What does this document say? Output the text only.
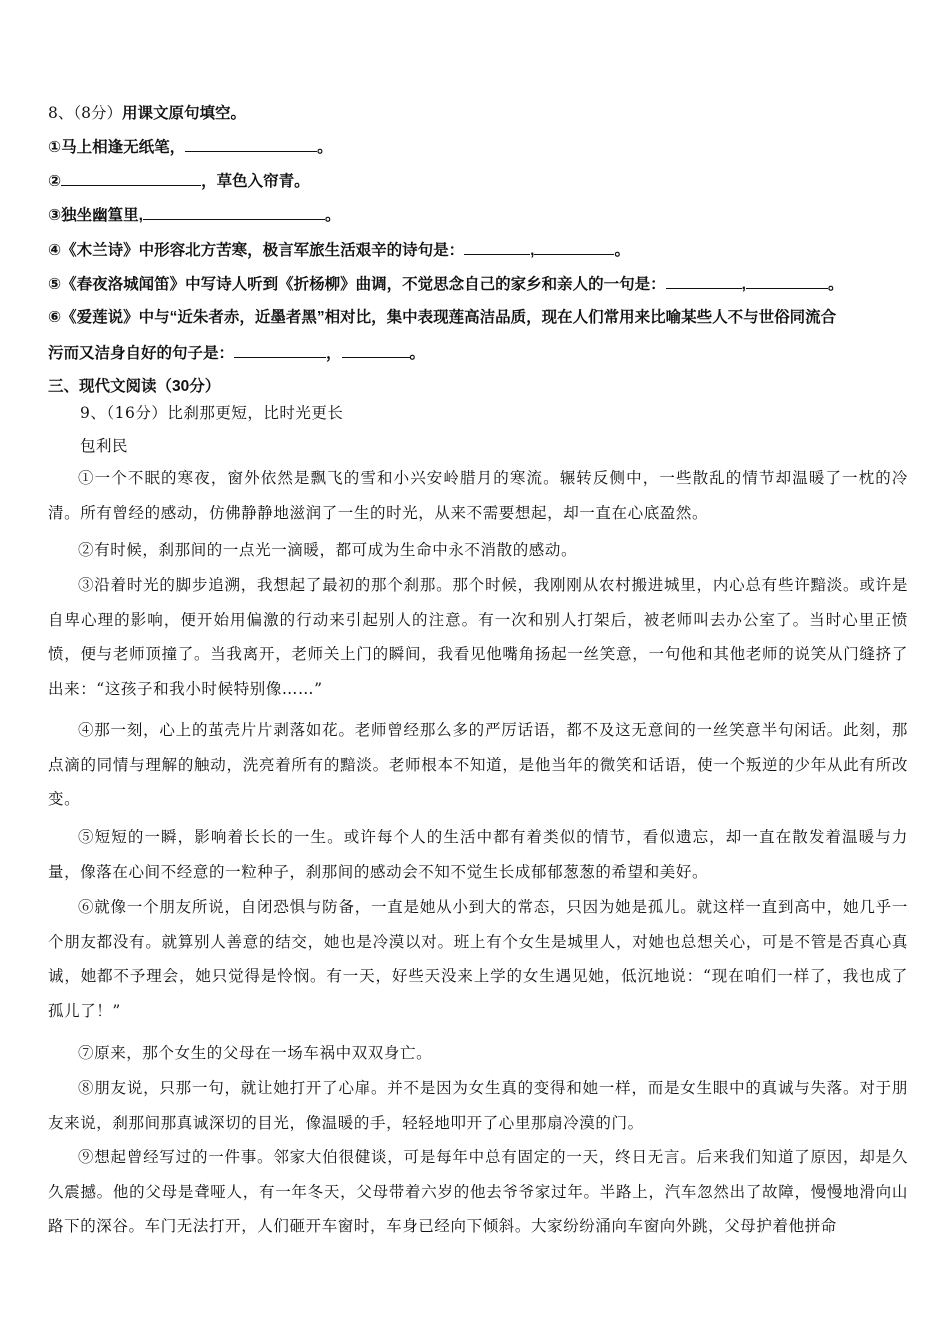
8、（8分）用课文原句填空。
①马上相逢无纸笔，	。
②	，草色入帘青。
③独坐幽篁里,	。
④《木兰诗》中形容北方苦寒，极言军旅生活艰辛的诗句是：	,	。
⑤《春夜洛城闻笛》中写诗人听到《折杨柳》曲调，不觉思念自己的家乡和亲人的一句是：	,	。
⑥《爱莲说》中与“近朱者赤，近墨者黑”相对比，集中表现莲高洁品质，现在人们常用来比喻某些人不与世俗同流合
污而又洁身自好的句子是：	，	。
三、现代文阅读（30分）
9、（16分）比刹那更短，比时光更长
包利民
①一个不眠的寒夜，窗外依然是飘飞的雪和小兴安岭腊月的寒流。辗转反侧中，一些散乱的情节却温暖了一枕的冷清。所有曾经的感动，仿佛静静地滋润了一生的时光，从来不需要想起，却一直在心底盈然。
②有时候，刹那间的一点光一滴暖，都可成为生命中永不消散的感动。
③沿着时光的脚步追溯，我想起了最初的那个刹那。那个时候，我刚刚从农村搬进城里，内心总有些许黯淡。或许是自卑心理的影响，便开始用偏激的行动来引起别人的注意。有一次和别人打架后，被老师叫去办公室了。当时心里正愤愤，便与老师顶撞了。当我离开，老师关上门的瞬间，我看见他嘴角扬起一丝笑意，一句他和其他老师的说笑从门缝挤了出来：“这孩子和我小时候特别像……”
④那一刻，心上的茧壳片片剥落如花。老师曾经那么多的严厉话语，都不及这无意间的一丝笑意半句闲话。此刻，那点滴的同情与理解的触动，洗亮着所有的黯淡。老师根本不知道，是他当年的微笑和话语，使一个叛逆的少年从此有所改变。
⑤短短的一瞬，影响着长长的一生。或许每个人的生活中都有着类似的情节，看似遗忘，却一直在散发着温暖与力量，像落在心间不经意的一粒种子，刹那间的感动会不知不觉生长成郁郁葱葱的希望和美好。
⑥就像一个朋友所说，自闭恐惧与防备，一直是她从小到大的常态，只因为她是孤儿。就这样一直到高中，她几乎一个朋友都没有。就算别人善意的结交，她也是冷漠以对。班上有个女生是城里人，对她也总想关心，可是不管是否真心真诚，她都不予理会，她只觉得是怜悯。有一天，好些天没来上学的女生遇见她，低沉地说：“现在咱们一样了，我也成了孤儿了！”
⑦原来，那个女生的父母在一场车祸中双双身亡。
⑧朋友说，只那一句，就让她打开了心扉。并不是因为女生真的变得和她一样，而是女生眼中的真诚与失落。对于朋友来说，刹那间那真诚深切的目光，像温暖的手，轻轻地叩开了心里那扇冷漠的门。
⑨想起曾经写过的一件事。邻家大伯很健谈，可是每年中总有固定的一天，终日无言。后来我们知道了原因，却是久久震撼。他的父母是聋哑人，有一年冬天，父母带着六岁的他去爷爷家过年。半路上，汽车忽然出了故障，慢慢地滑向山路下的深谷。车门无法打开，人们砸开车窗时，车身已经向下倾斜。大家纷纷涌向车窗向外跳，父母护着他拼命
